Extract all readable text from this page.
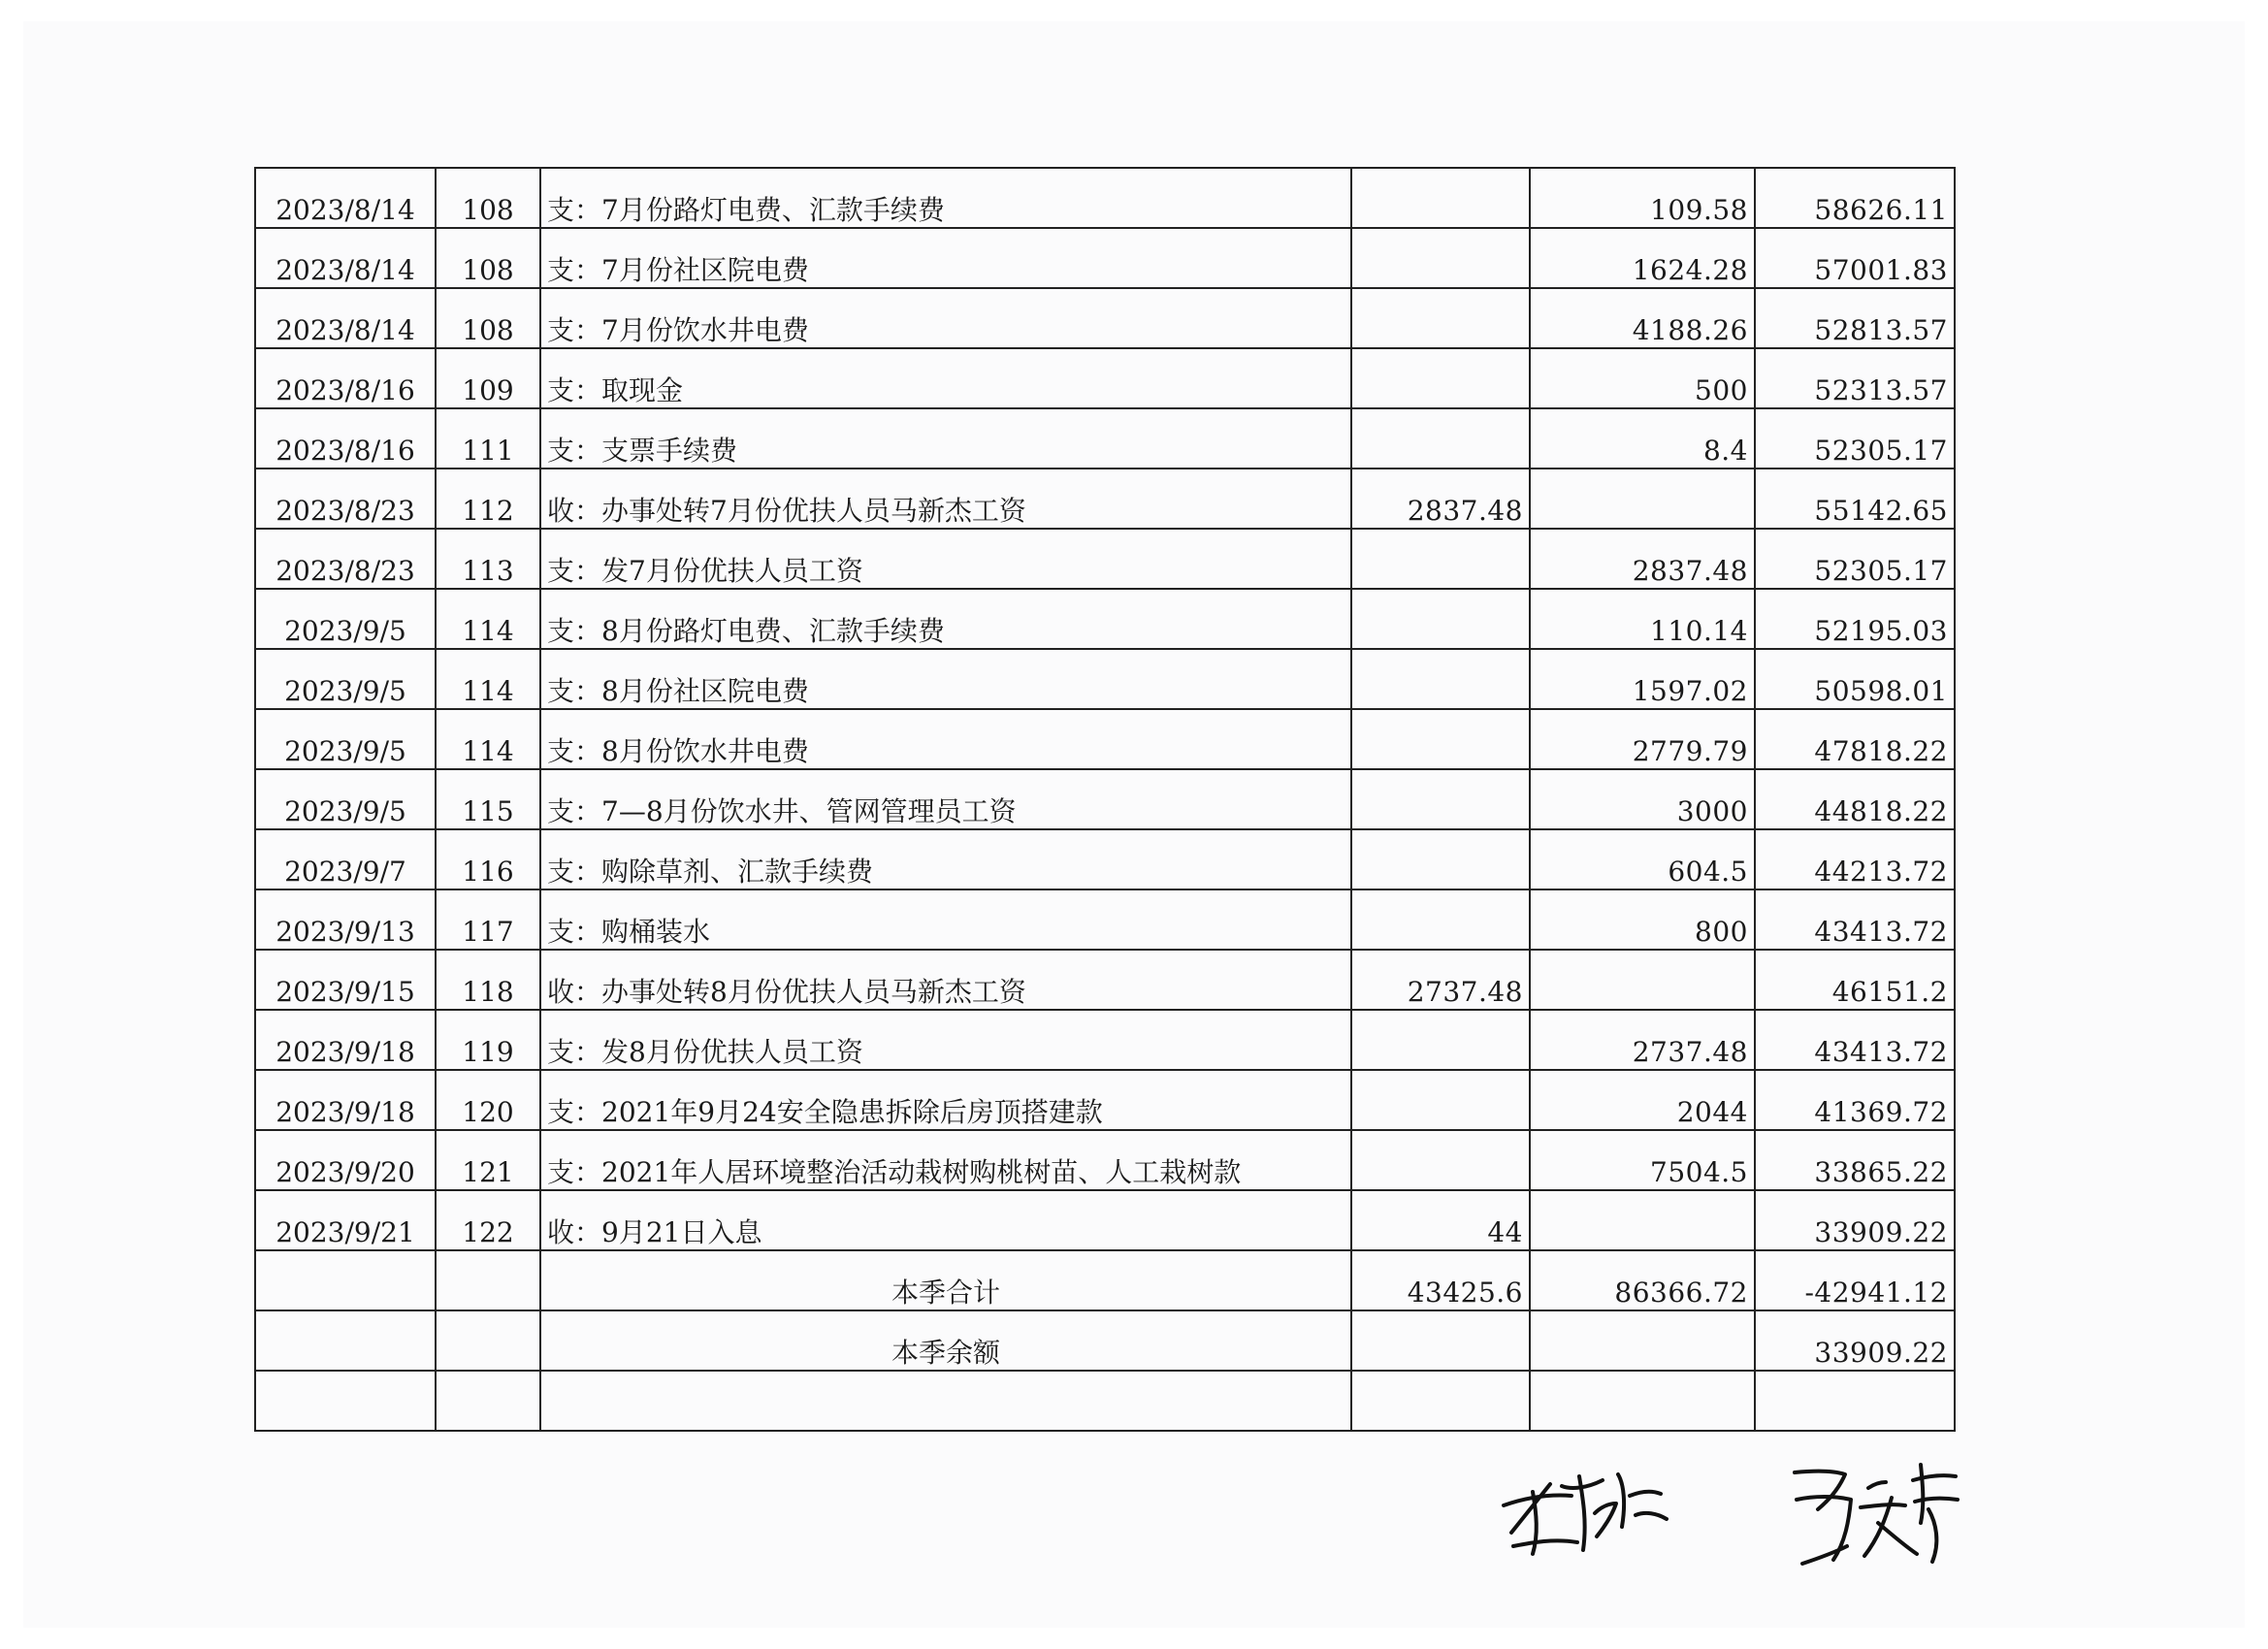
2023/8/14	108	支：7月份路灯电费、汇款手续费		109.58	58626.11
2023/8/14	108	支：7月份社区院电费		1624.28	57001.83
2023/8/14	108	支：7月份饮水井电费		4188.26	52813.57
2023/8/16	109	支：取现金		500	52313.57
2023/8/16	111	支：支票手续费		8.4	52305.17
2023/8/23	112	收：办事处转7月份优扶人员马新杰工资	2837.48		55142.65
2023/8/23	113	支：发7月份优扶人员工资		2837.48	52305.17
2023/9/5	114	支：8月份路灯电费、汇款手续费		110.14	52195.03
2023/9/5	114	支：8月份社区院电费		1597.02	50598.01
2023/9/5	114	支：8月份饮水井电费		2779.79	47818.22
2023/9/5	115	支：7—8月份饮水井、管网管理员工资		3000	44818.22
2023/9/7	116	支：购除草剂、汇款手续费		604.5	44213.72
2023/9/13	117	支：购桶装水		800	43413.72
2023/9/15	118	收：办事处转8月份优扶人员马新杰工资	2737.48		46151.2
2023/9/18	119	支：发8月份优扶人员工资		2737.48	43413.72
2023/9/18	120	支：2021年9月24安全隐患拆除后房顶搭建款		2044	41369.72
2023/9/20	121	支：2021年人居环境整治活动栽树购桃树苗、人工栽树款		7504.5	33865.22
2023/9/21	122	收：9月21日入息	44		33909.22
		本季合计	43425.6	86366.72	-42941.12
		本季余额			33909.22
